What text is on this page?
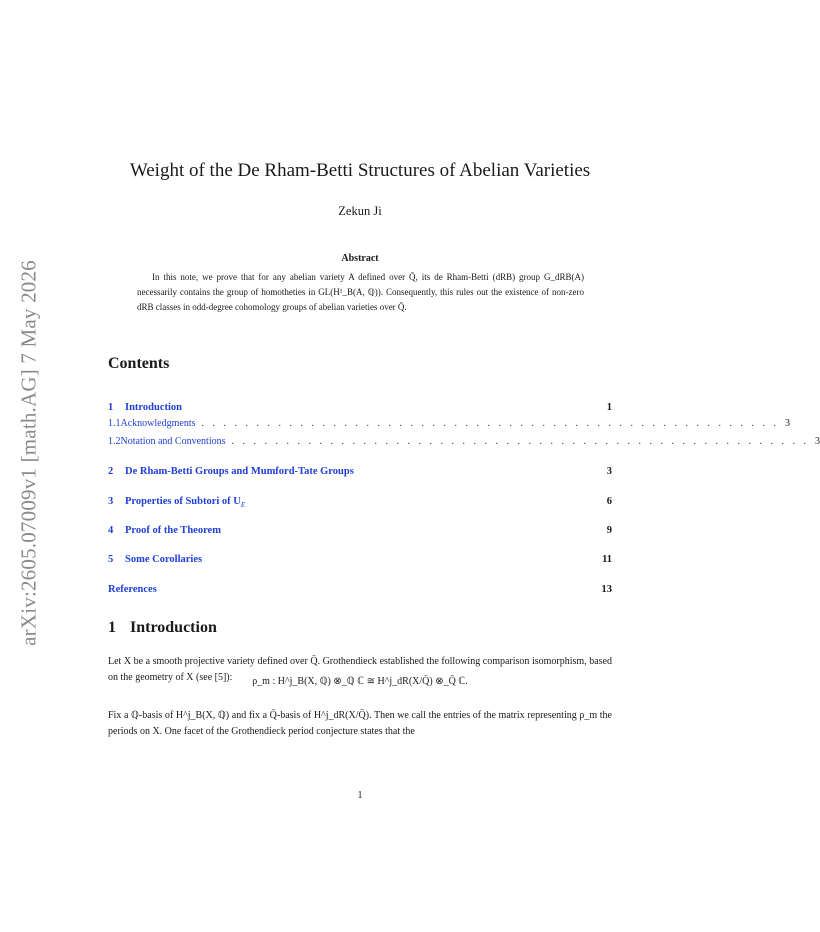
arXiv:2605.07009v1 [math.AG] 7 May 2026
Weight of the De Rham-Betti Structures of Abelian Varieties
Zekun Ji
Abstract
In this note, we prove that for any abelian variety A defined over Q̄, its de Rham-Betti (dRB) group G_dRB(A) necessarily contains the group of homotheties in GL(H¹_B(A, ℚ)). Consequently, this rules out the existence of non-zero dRB classes in odd-degree cohomology groups of abelian varieties over Q̄.
Contents
1	Introduction	1
1.1 Acknowledgments . . . . . . . . . . . . . . . . . . . . . . . . . . . . . . . . . . . . . . . . . . . . . . . . . . . . . 3
1.2 Notation and Conventions . . . . . . . . . . . . . . . . . . . . . . . . . . . . . . . . . . . . . . . . . . . . . . . . . . . . . 3
2	De Rham-Betti Groups and Mumford-Tate Groups	3
3	Properties of Subtori of $U_E$	6
4	Proof of the Theorem	9
5	Some Corollaries	11
References	13
1 Introduction
Let X be a smooth projective variety defined over Q̄. Grothendieck established the following comparison isomorphism, based on the geometry of X (see [5]):	ρ_m : H^j_B(X, ℚ) ⊗_ℚ ℂ ≅ H^j_dR(X/Q̄) ⊗_Q̄ ℂ.
Fix a ℚ-basis of H^j_B(X, ℚ) and fix a Q̄-basis of H^j_dR(X/Q̄). Then we call the entries of the matrix representing ρ_m the periods on X. One facet of the Grothendieck period conjecture states that the
1
